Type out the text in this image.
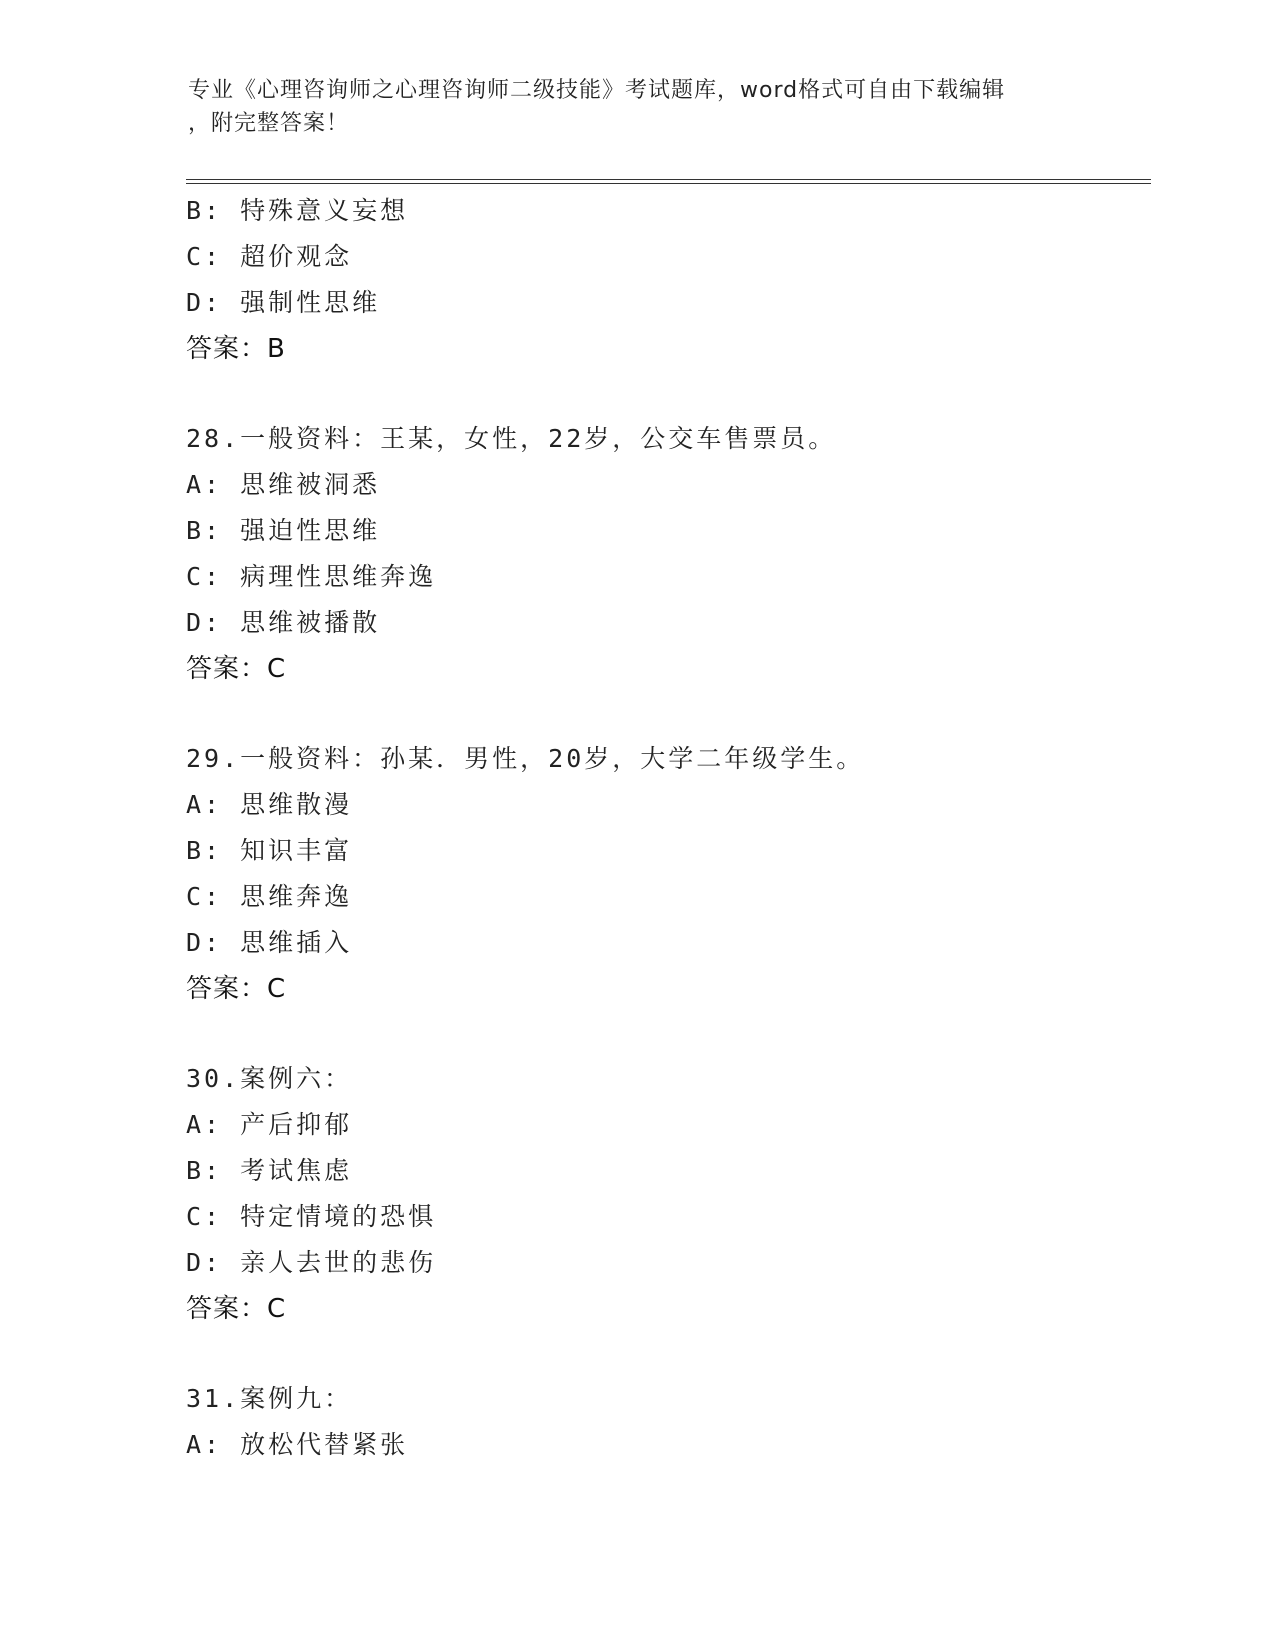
专业《心理咨询师之心理咨询师二级技能》考试题库，word格式可自由下载编辑
，附完整答案！
B: 特殊意义妄想
C: 超价观念
D: 强制性思维
答案：B
28.一般资料：王某，女性，22岁，公交车售票员。
A: 思维被洞悉
B: 强迫性思维
C: 病理性思维奔逸
D: 思维被播散
答案：C
29.一般资料：孙某．男性，20岁，大学二年级学生。
A: 思维散漫
B: 知识丰富
C: 思维奔逸
D: 思维插入
答案：C
30.案例六：
A: 产后抑郁
B: 考试焦虑
C: 特定情境的恐惧
D: 亲人去世的悲伤
答案：C
31.案例九：
A: 放松代替紧张
